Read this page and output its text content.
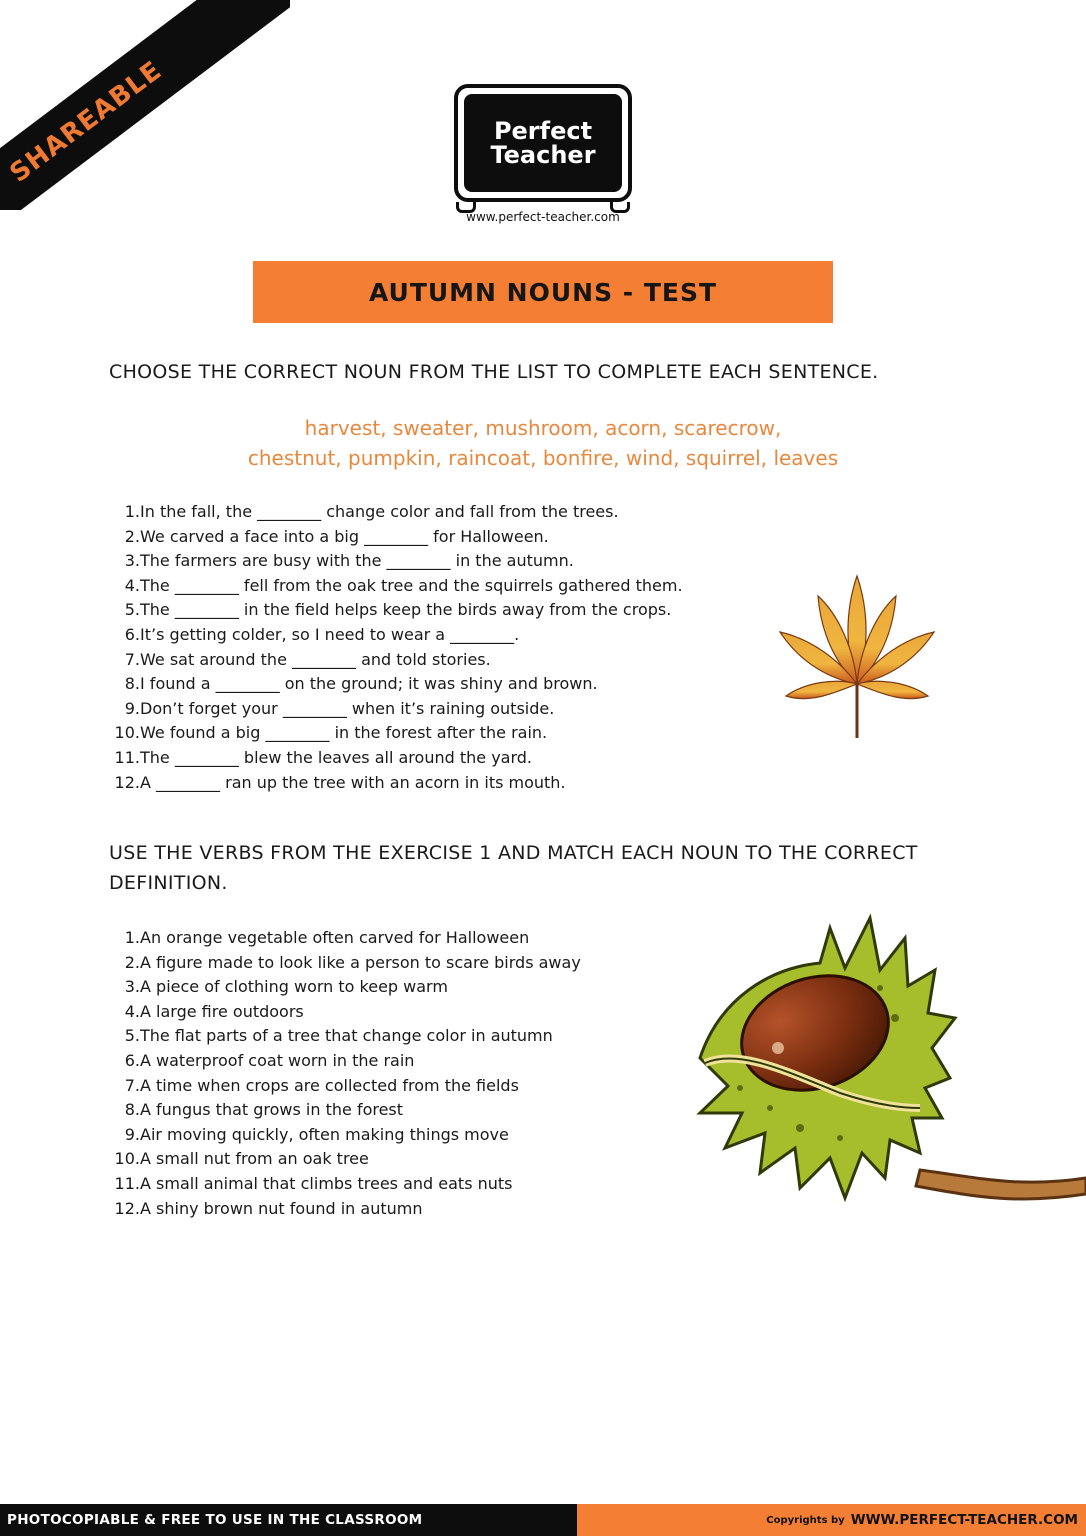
SHAREABLE	Perfect
Teacher
www.perfect-teacher.com
AUTUMN NOUNS - TEST
CHOOSE THE CORRECT NOUN FROM THE LIST TO COMPLETE EACH SENTENCE.
harvest, sweater, mushroom, acorn, scarecrow,
chestnut, pumpkin, raincoat, bonfire, wind, squirrel, leaves
1.In the fall, the ________ change color and fall from the trees.
2.We carved a face into a big ________ for Halloween.
3.The farmers are busy with the ________ in the autumn.
4.The ________ fell from the oak tree and the squirrels gathered them.
5.The ________ in the field helps keep the birds away from the crops.
6.It’s getting colder, so I need to wear a ________.
7.We sat around the ________ and told stories.
8.I found a ________ on the ground; it was shiny and brown.
9.Don’t forget your ________ when it’s raining outside.
10.We found a big ________ in the forest after the rain.
11.The ________ blew the leaves all around the yard.
12.A ________ ran up the tree with an acorn in its mouth.
USE THE VERBS FROM THE EXERCISE 1 AND MATCH EACH NOUN TO THE CORRECT
DEFINITION.
1.An orange vegetable often carved for Halloween
2.A figure made to look like a person to scare birds away
3.A piece of clothing worn to keep warm
4.A large fire outdoors
5.The flat parts of a tree that change color in autumn
6.A waterproof coat worn in the rain
7.A time when crops are collected from the fields
8.A fungus that grows in the forest
9.Air moving quickly, often making things move
10.A small nut from an oak tree
11.A small animal that climbs trees and eats nuts
12.A shiny brown nut found in autumn
PHOTOCOPIABLE & FREE TO USE IN THE CLASSROOM	Copyrights by WWW.PERFECT-TEACHER.COM
